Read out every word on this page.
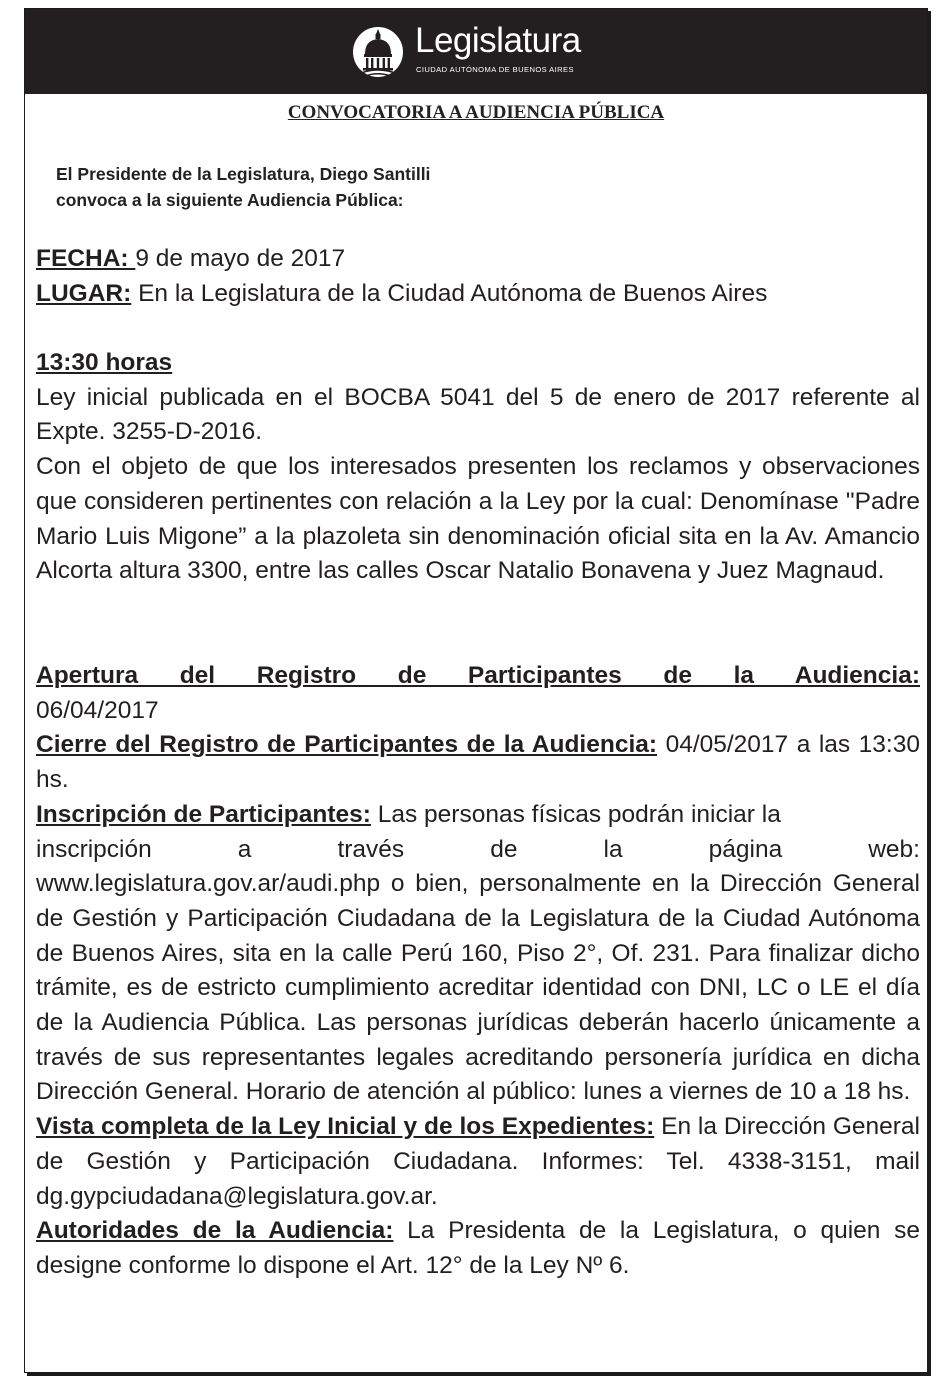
Legislatura
CIUDAD AUTÓNOMA DE BUENOS AIRES
CONVOCATORIA A AUDIENCIA PÚBLICA
El Presidente de la Legislatura, Diego Santilli
convoca a la siguiente Audiencia Pública:

FECHA: 9 de mayo de 2017

LUGAR: En la Legislatura de la Ciudad Autónoma de Buenos Aires

13:30 horas

Ley inicial publicada en el BOCBA 5041 del 5 de enero de 2017 referente al Expte. 3255-D-2016.

Con el objeto de que los interesados presenten los reclamos y observaciones que consideren pertinentes con relación a la Ley por la cual: Denomínase "Padre Mario Luis Migone” a la plazoleta sin denominación oficial sita en la Av. Amancio Alcorta altura 3300, entre las calles Oscar Natalio Bonavena y Juez Magnaud.

Apertura del Registro de Participantes de la Audiencia:

06/04/2017

Cierre del Registro de Participantes de la Audiencia: 04/05/2017 a las 13:30 hs.

Inscripción de Participantes: Las personas físicas podrán iniciar la

inscripción a través de la página web:

www.legislatura.gov.ar/audi.php o bien, personalmente en la Dirección General de Gestión y Participación Ciudadana de la Legislatura de la Ciudad Autónoma de Buenos Aires, sita en la calle Perú 160, Piso 2°, Of. 231. Para finalizar dicho trámite, es de estricto cumplimiento acreditar identidad con DNI, LC o LE el día de la Audiencia Pública. Las personas jurídicas deberán hacerlo únicamente a través de sus representantes legales acreditando personería jurídica en dicha Dirección General. Horario de atención al público: lunes a viernes de 10 a 18 hs.

Vista completa de la Ley Inicial y de los Expedientes: En la Dirección General de Gestión y Participación Ciudadana. Informes: Tel. 4338-3151, mail dg.gypciudadana@legislatura.gov.ar.

Autoridades de la Audiencia: La Presidenta de la Legislatura, o quien se designe conforme lo dispone el Art. 12° de la Ley Nº 6.
